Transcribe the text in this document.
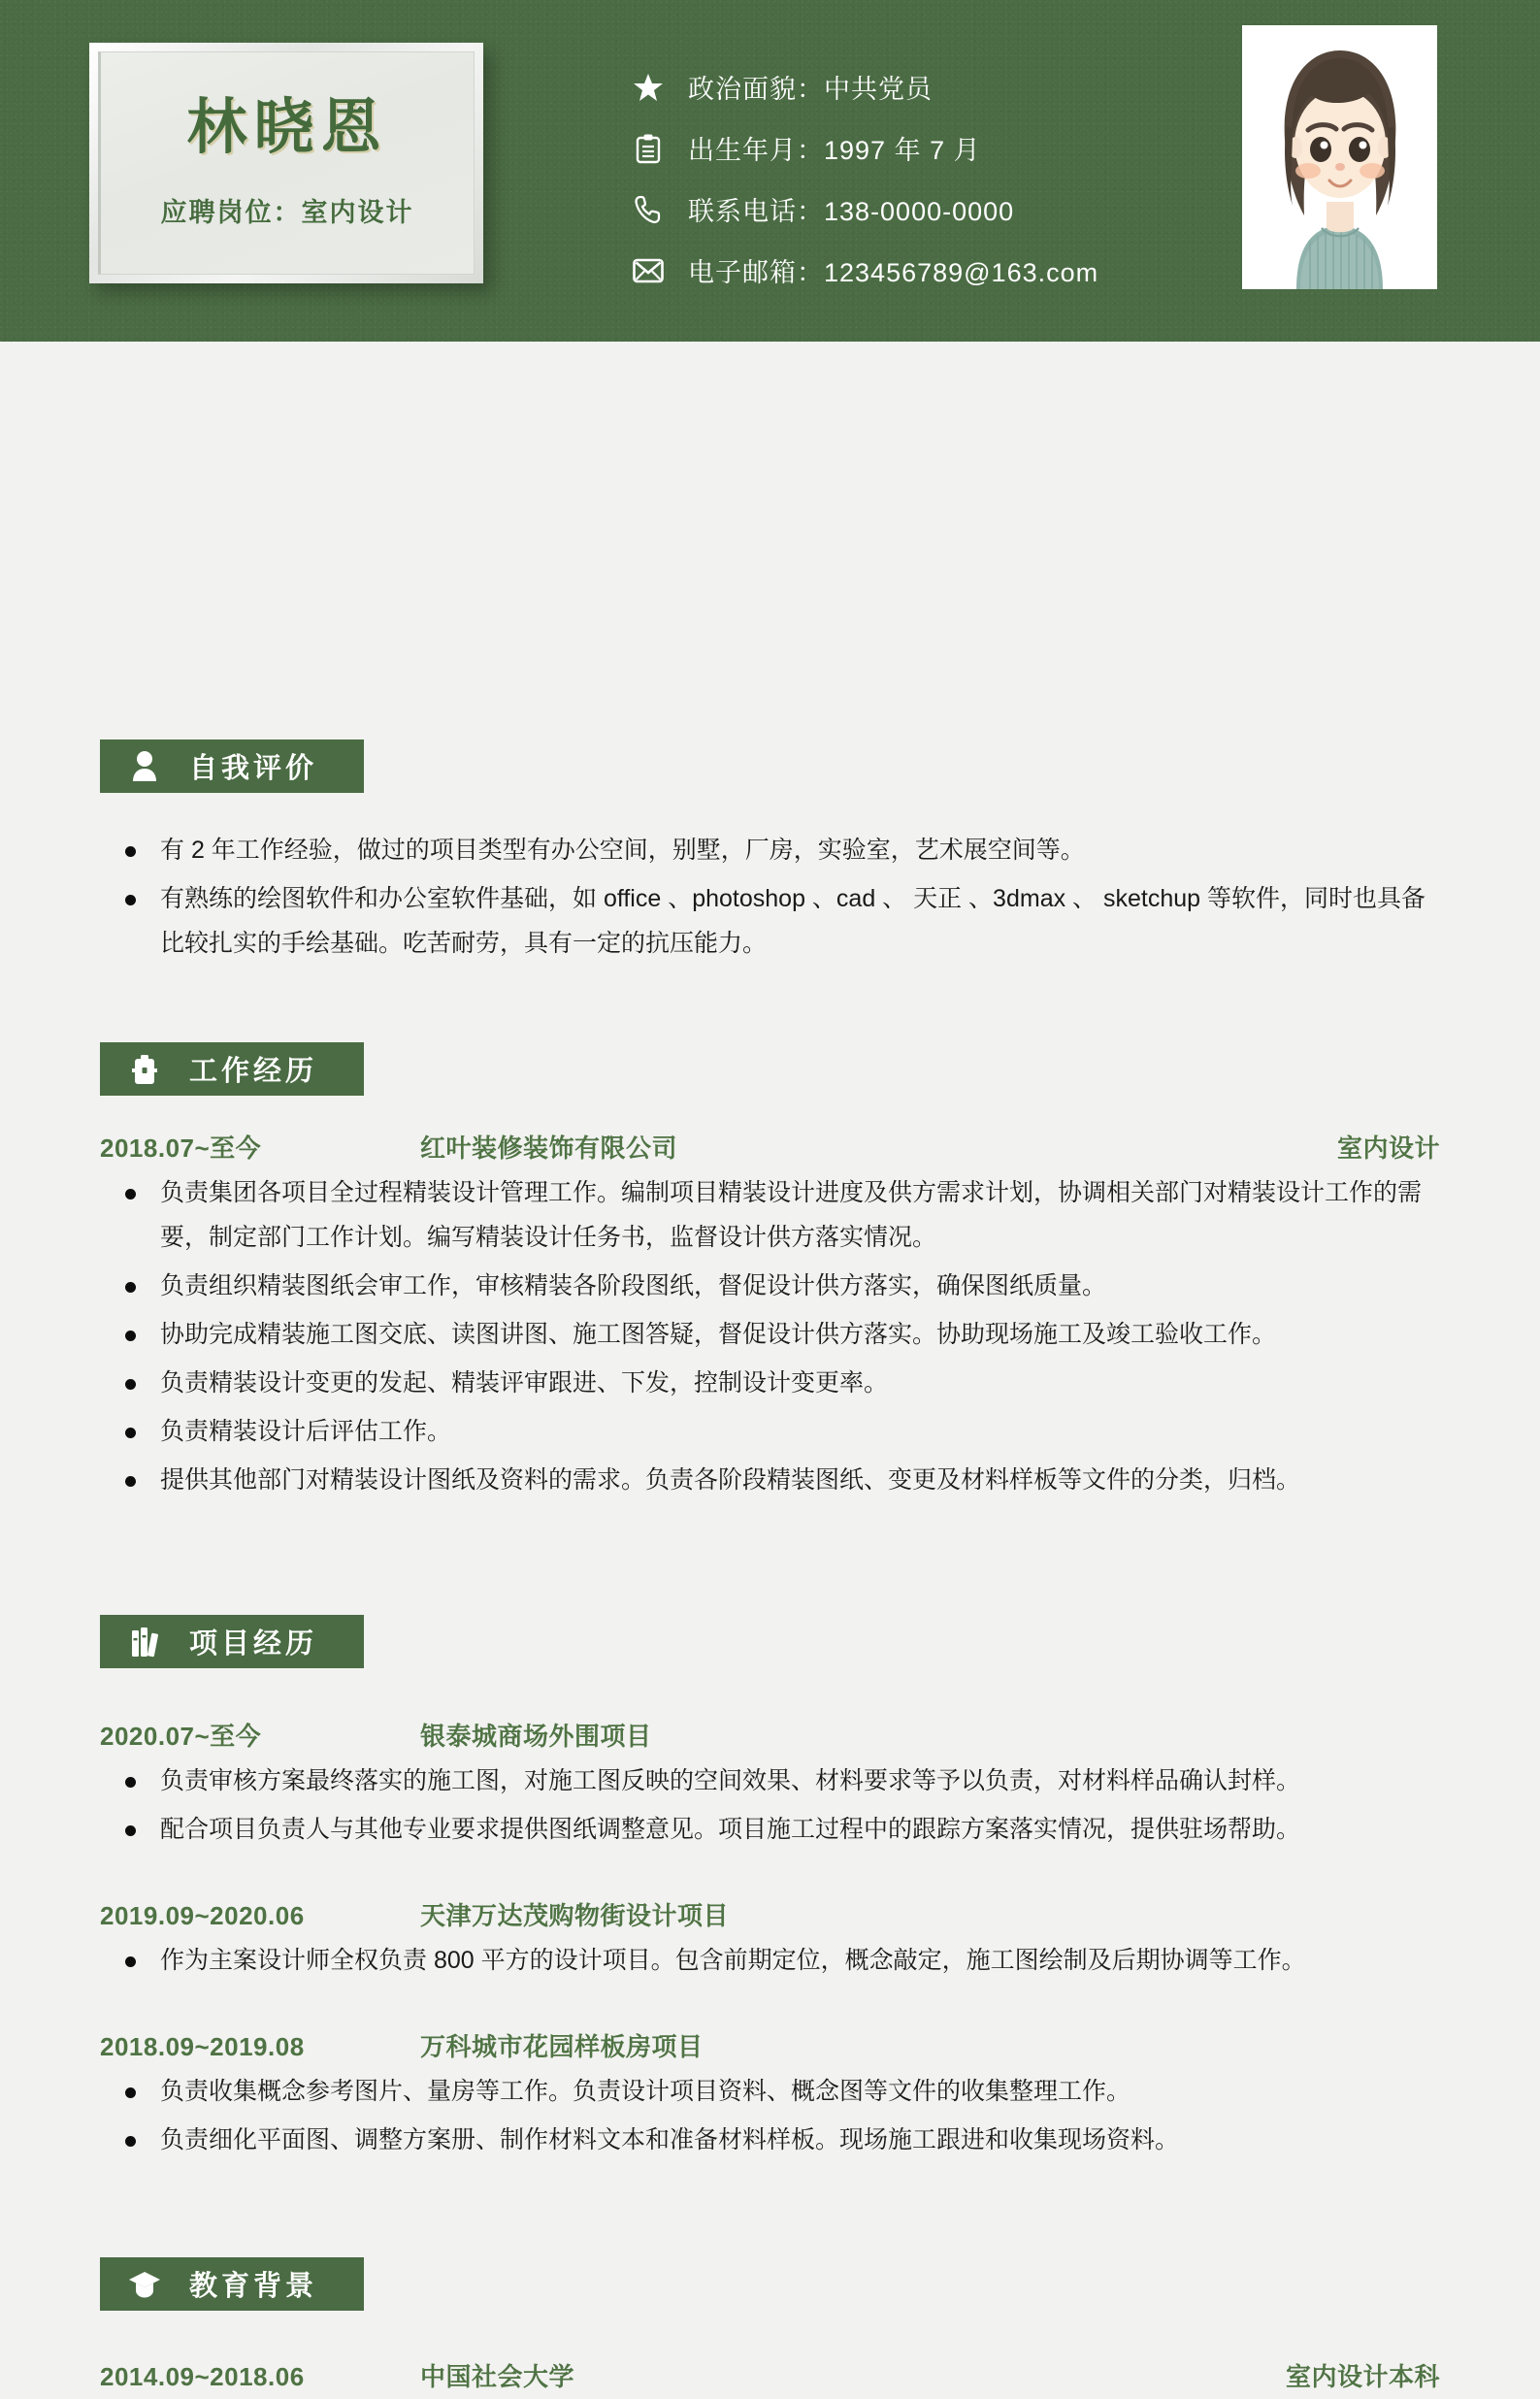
林晓恩
应聘岗位：室内设计
政治面貌：中共党员
出生年月：1997 年 7 月
联系电话：138-0000-0000
电子邮箱：123456789@163.com
自我评价
有 2 年工作经验，做过的项目类型有办公空间，别墅，厂房，实验室，艺术展空间等。
有熟练的绘图软件和办公室软件基础，如 office 、photoshop 、cad 、 天正 、3dmax 、 sketchup 等软件，同时也具备比较扎实的手绘基础。吃苦耐劳，具有一定的抗压能力。
工作经历
2018.07~至今	红叶装修装饰有限公司	室内设计
负责集团各项目全过程精装设计管理工作。编制项目精装设计进度及供方需求计划，协调相关部门对精装设计工作的需要，制定部门工作计划。编写精装设计任务书，监督设计供方落实情况。
负责组织精装图纸会审工作，审核精装各阶段图纸，督促设计供方落实，确保图纸质量。
协助完成精装施工图交底、读图讲图、施工图答疑，督促设计供方落实。协助现场施工及竣工验收工作。
负责精装设计变更的发起、精装评审跟进、下发，控制设计变更率。
负责精装设计后评估工作。
提供其他部门对精装设计图纸及资料的需求。负责各阶段精装图纸、变更及材料样板等文件的分类，归档。
项目经历
2020.07~至今	银泰城商场外围项目
负责审核方案最终落实的施工图，对施工图反映的空间效果、材料要求等予以负责，对材料样品确认封样。
配合项目负责人与其他专业要求提供图纸调整意见。项目施工过程中的跟踪方案落实情况，提供驻场帮助。
2019.09~2020.06	天津万达茂购物街设计项目
作为主案设计师全权负责 800 平方的设计项目。包含前期定位，概念敲定，施工图绘制及后期协调等工作。
2018.09~2019.08	万科城市花园样板房项目
负责收集概念参考图片、量房等工作。负责设计项目资料、概念图等文件的收集整理工作。
负责细化平面图、调整方案册、制作材料文本和准备材料样板。现场施工跟进和收集现场资料。
教育背景
2014.09~2018.06	中国社会大学	室内设计本科
